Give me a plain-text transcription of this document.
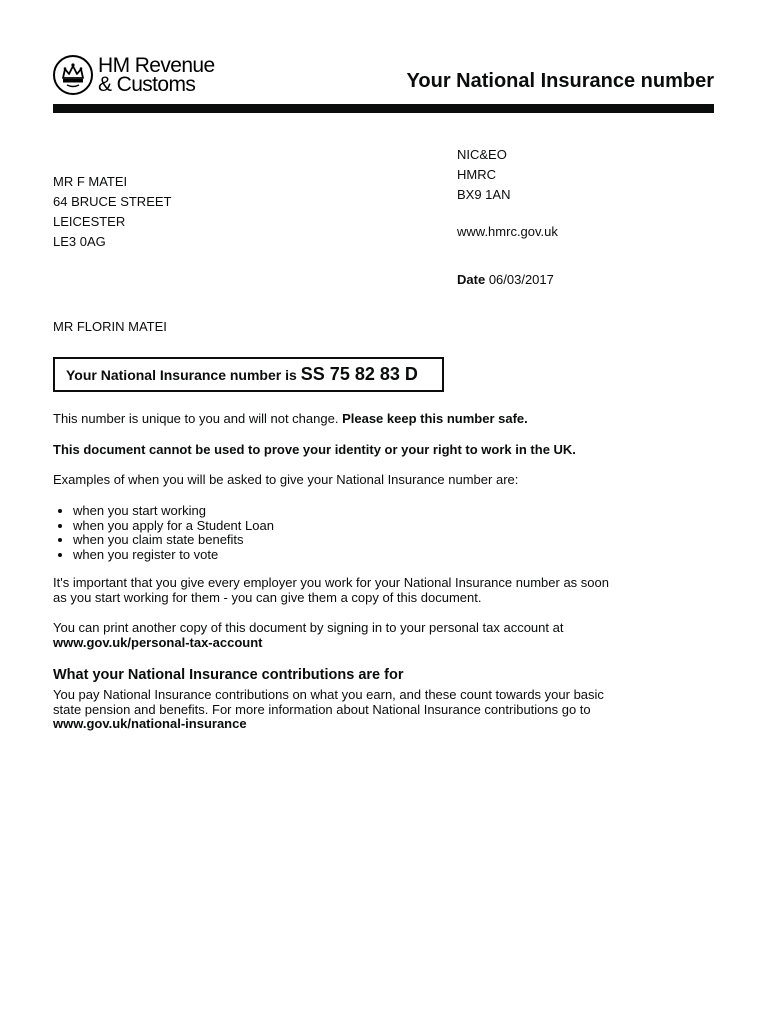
HM Revenue
& Customs	Your National Insurance number
MR F MATEI
64 BRUCE STREET
LEICESTER
LE3 0AG
NIC&EO
HMRC
BX9 1AN
www.hmrc.gov.uk
Date 06/03/2017
MR FLORIN MATEI
Your National Insurance number is SS 75 82 83 D
This number is unique to you and will not change. Please keep this number safe.
This document cannot be used to prove your identity or your right to work in the UK.
Examples of when you will be asked to give your National Insurance number are:
• when you start working
• when you apply for a Student Loan
• when you claim state benefits
• when you register to vote
It's important that you give every employer you work for your National Insurance number as soon as you start working for them - you can give them a copy of this document.
You can print another copy of this document by signing in to your personal tax account at
www.gov.uk/personal-tax-account
What your National Insurance contributions are for
You pay National Insurance contributions on what you earn, and these count towards your basic state pension and benefits. For more information about National Insurance contributions go to www.gov.uk/national-insurance
